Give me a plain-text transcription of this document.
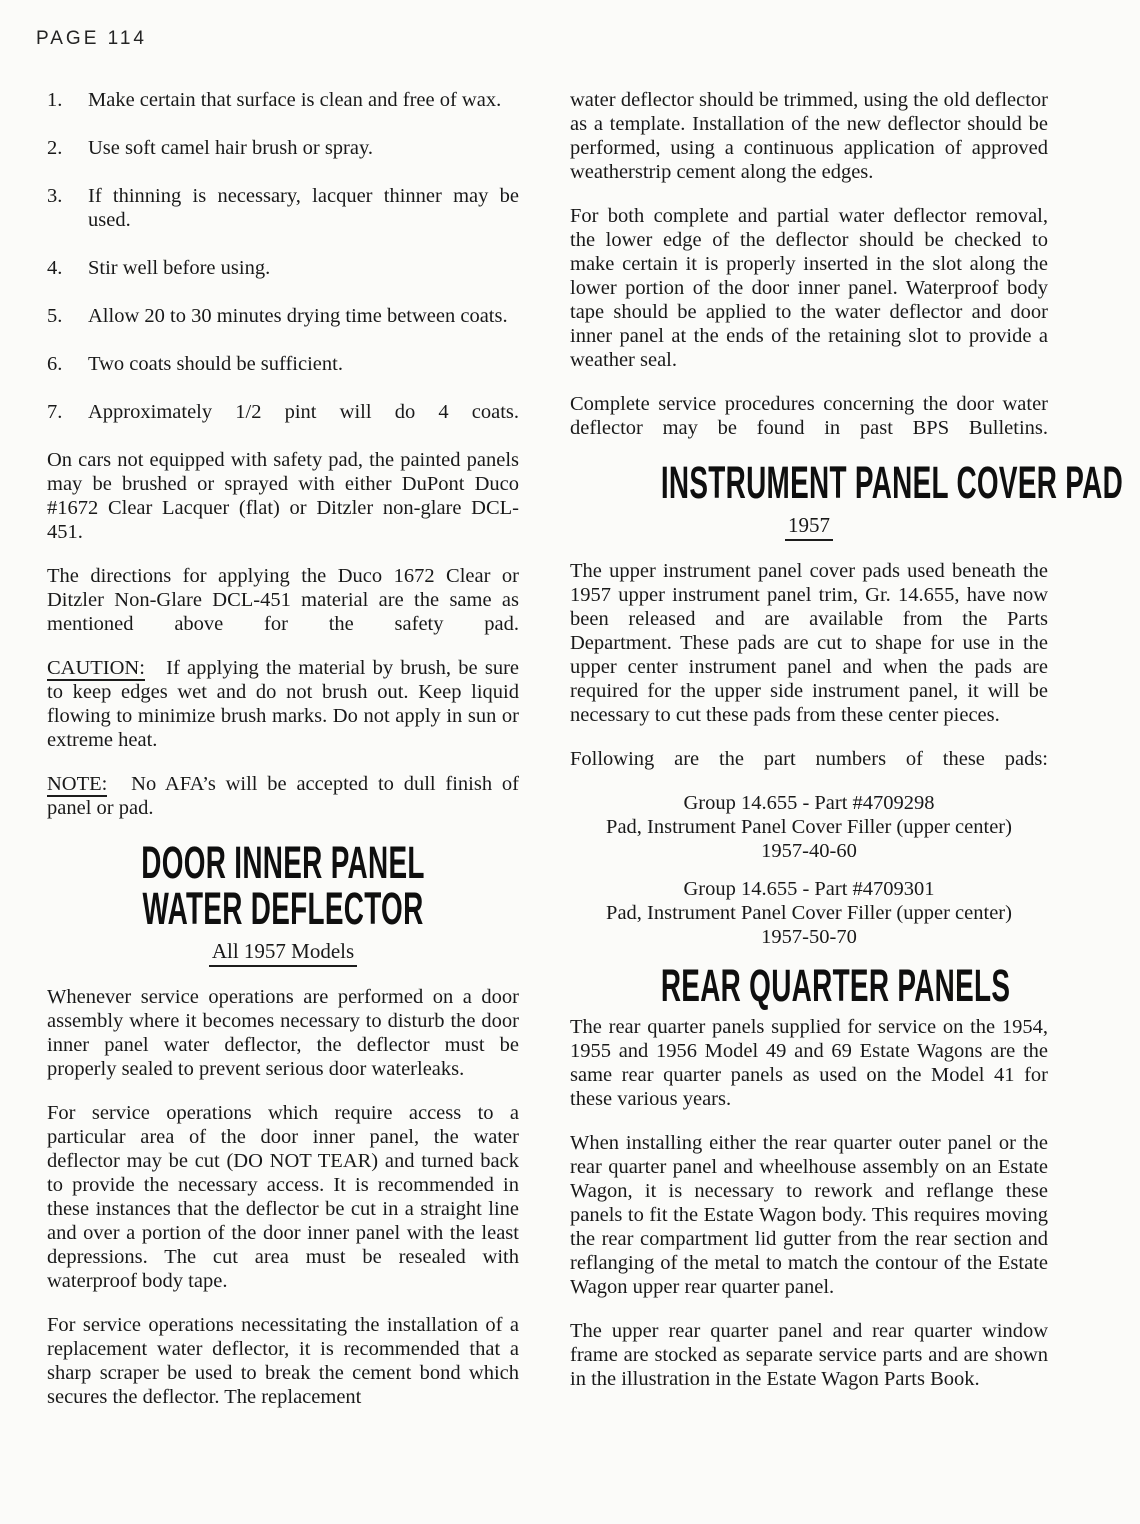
PAGE 114
1.	Make certain that surface is clean and free of wax.
2.	Use soft camel hair brush or spray.
3.	If thinning is necessary, lacquer thinner may be used.
4.	Stir well before using.
5.	Allow 20 to 30 minutes drying time between coats.
6.	Two coats should be sufficient.
7.	Approximately 1/2 pint will do 4 coats.

On cars not equipped with safety pad, the painted panels may be brushed or sprayed with either DuPont Duco #1672 Clear Lacquer (flat) or Ditzler non-glare DCL-451.

The directions for applying the Duco 1672 Clear or Ditzler Non-Glare DCL-451 material are the same as mentioned above for the safety pad.

CAUTION: If applying the material by brush, be sure to keep edges wet and do not brush out. Keep liquid flowing to minimize brush marks. Do not apply in sun or extreme heat.

NOTE: No AFA’s will be accepted to dull finish of panel or pad.

DOOR INNER PANEL
WATER DEFLECTOR
All 1957 Models

Whenever service operations are performed on a door assembly where it becomes necessary to disturb the door inner panel water deflector, the deflector must be properly sealed to prevent serious door waterleaks.

For service operations which require access to a particular area of the door inner panel, the water deflector may be cut (DO NOT TEAR) and turned back to provide the necessary access. It is recommended in these instances that the deflector be cut in a straight line and over a portion of the door inner panel with the least depressions. The cut area must be resealed with waterproof body tape.

For service operations necessitating the installation of a replacement water deflector, it is recommended that a sharp scraper be used to break the cement bond which secures the deflector. The replacement

water deflector should be trimmed, using the old deflector as a template. Installation of the new deflector should be performed, using a continuous application of approved weatherstrip cement along the edges.

For both complete and partial water deflector removal, the lower edge of the deflector should be checked to make certain it is properly inserted in the slot along the lower portion of the door inner panel. Waterproof body tape should be applied to the water deflector and door inner panel at the ends of the retaining slot to provide a weather seal.

Complete service procedures concerning the door water deflector may be found in past BPS Bulletins.

INSTRUMENT PANEL COVER PAD
1957

The upper instrument panel cover pads used beneath the 1957 upper instrument panel trim, Gr. 14.655, have now been released and are available from the Parts Department. These pads are cut to shape for use in the upper center instrument panel and when the pads are required for the upper side instrument panel, it will be necessary to cut these pads from these center pieces.

Following are the part numbers of these pads:

Group 14.655 - Part #4709298
Pad, Instrument Panel Cover Filler (upper center)
1957-40-60
Group 14.655 - Part #4709301
Pad, Instrument Panel Cover Filler (upper center)
1957-50-70
REAR QUARTER PANELS

The rear quarter panels supplied for service on the 1954, 1955 and 1956 Model 49 and 69 Estate Wagons are the same rear quarter panels as used on the Model 41 for these various years.

When installing either the rear quarter outer panel or the rear quarter panel and wheelhouse assembly on an Estate Wagon, it is necessary to rework and reflange these panels to fit the Estate Wagon body. This requires moving the rear compartment lid gutter from the rear section and reflanging of the metal to match the contour of the Estate Wagon upper rear quarter panel.

The upper rear quarter panel and rear quarter window frame are stocked as separate service parts and are shown in the illustration in the Estate Wagon Parts Book.
